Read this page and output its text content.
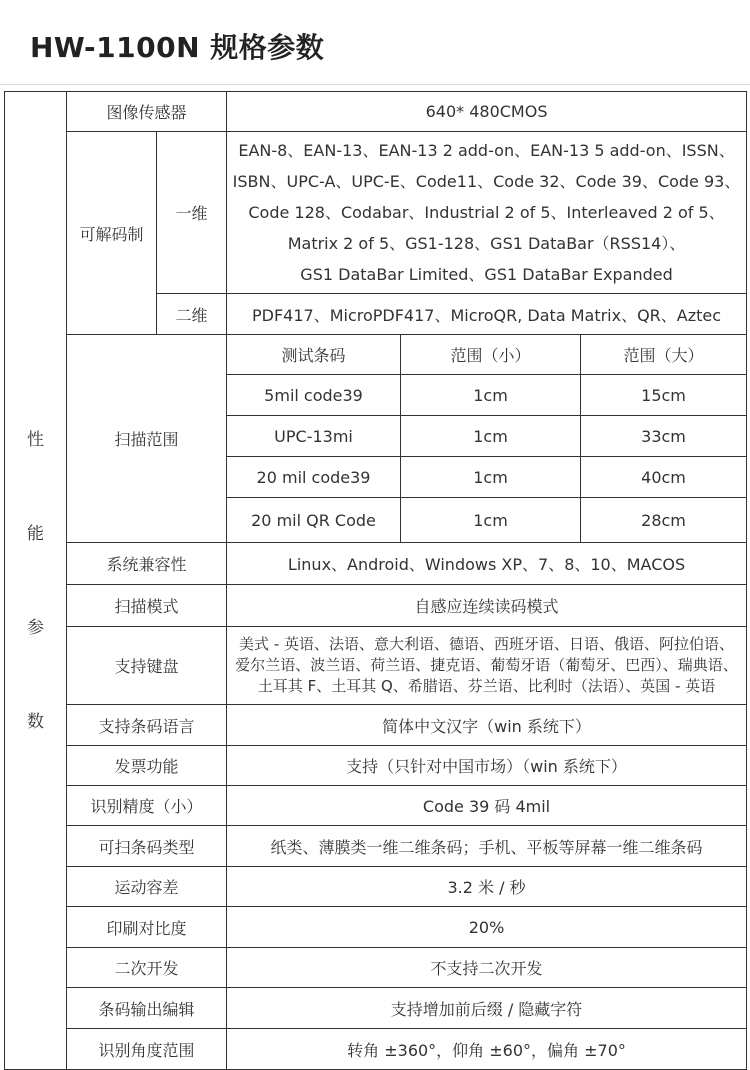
HW-1100N 规格参数
性
能
参
数	图像传感器		640* 480CMOS		
	可解码制	一维	EAN-8、EAN-13、EAN-13 2 add-on、EAN-13 5 add-on、ISSN、
ISBN、UPC-A、UPC-E、Code11、Code 32、Code 39、Code 93、
Code 128、Codabar、Industrial 2 of 5、Interleaved 2 of 5、
Matrix 2 of 5、GS1-128、GS1 DataBar（RSS14）、
GS1 DataBar Limited、GS1 DataBar Expanded		

		二维	PDF417、MicroPDF417、MicroQR, Data Matrix、QR、Aztec		
	扫描范围		测试条码	范围（小）	范围（大）
			5mil code39	1cm	15cm
			UPC-13mi	1cm	33cm
			20 mil code39	1cm	40cm
			20 mil QR Code	1cm	28cm
	系统兼容性		Linux、Android、Windows XP、7、8、10、MACOS		
	扫描模式		自感应连续读码模式		
	支持键盘		美式 - 英语、法语、意大利语、德语、西班牙语、日语、俄语、阿拉伯语、
爱尔兰语、波兰语、荷兰语、捷克语、葡萄牙语（葡萄牙、巴西）、瑞典语、
土耳其 F、土耳其 Q、希腊语、芬兰语、比利时（法语）、英国 - 英语		

	支持条码语言		简体中文汉字（win 系统下）		
	发票功能		支持（只针对中国市场）（win 系统下）		
	识别精度（小）		Code 39 码 4mil		
	可扫条码类型		纸类、薄膜类一维二维条码；手机、平板等屏幕一维二维条码		
	运动容差		3.2 米 / 秒		
	印刷对比度		20%		
	二次开发		不支持二次开发		
	条码输出编辑		支持增加前后缀 / 隐藏字符		
	识别角度范围		转角 ±360°，仰角 ±60°，偏角 ±70°		
